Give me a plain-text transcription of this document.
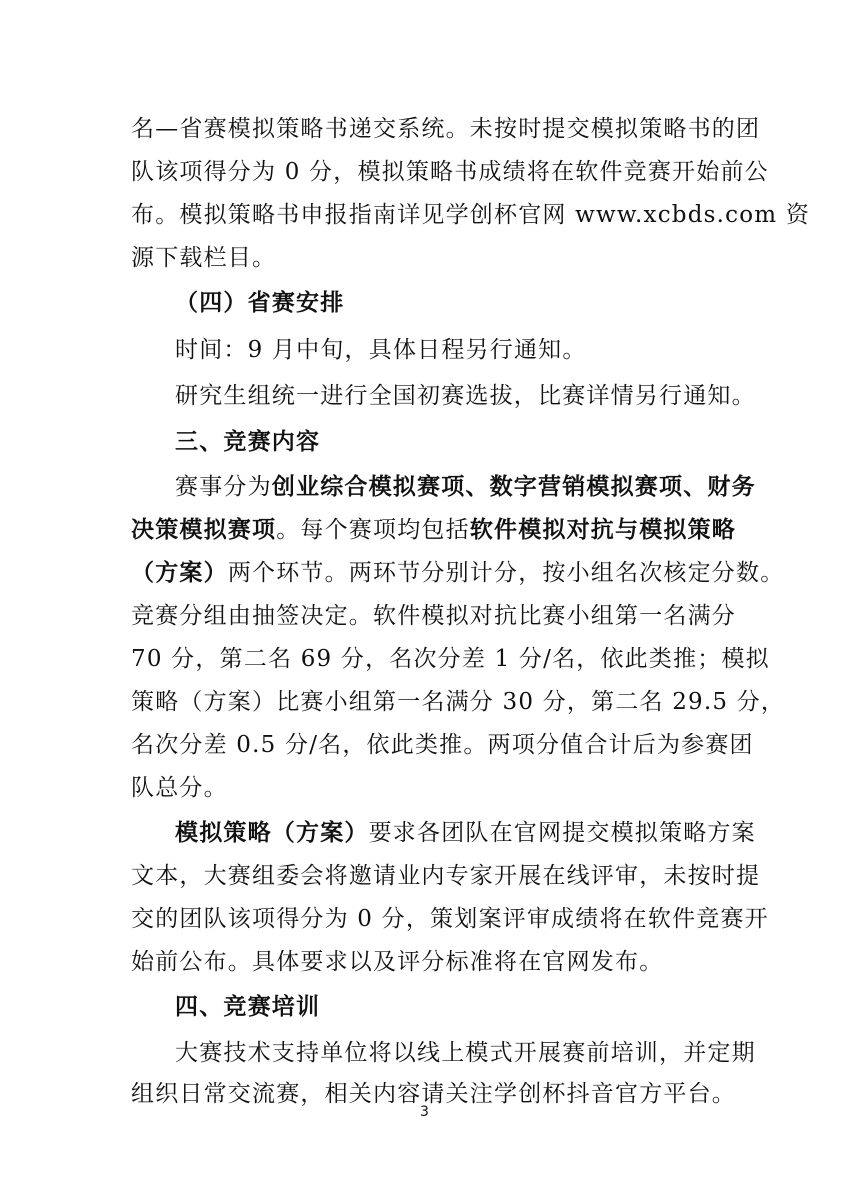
名—省赛模拟策略书递交系统。未按时提交模拟策略书的团
队该项得分为 0 分，模拟策略书成绩将在软件竞赛开始前公
布。模拟策略书申报指南详见学创杯官网 www.xcbds.com 资
源下载栏目。
（四）省赛安排
时间：9 月中旬，具体日程另行通知。
研究生组统一进行全国初赛选拔，比赛详情另行通知。
三、竞赛内容
赛事分为创业综合模拟赛项、数字营销模拟赛项、财务
决策模拟赛项。每个赛项均包括软件模拟对抗与模拟策略
（方案）两个环节。两环节分别计分，按小组名次核定分数。
竞赛分组由抽签决定。软件模拟对抗比赛小组第一名满分
70 分，第二名 69 分，名次分差 1 分/名，依此类推；模拟
策略（方案）比赛小组第一名满分 30 分，第二名 29.5 分，
名次分差 0.5 分/名，依此类推。两项分值合计后为参赛团
队总分。
模拟策略（方案）要求各团队在官网提交模拟策略方案
文本，大赛组委会将邀请业内专家开展在线评审，未按时提
交的团队该项得分为 0 分，策划案评审成绩将在软件竞赛开
始前公布。具体要求以及评分标准将在官网发布。
四、竞赛培训
大赛技术支持单位将以线上模式开展赛前培训，并定期
组织日常交流赛，相关内容请关注学创杯抖音官方平台。
3
